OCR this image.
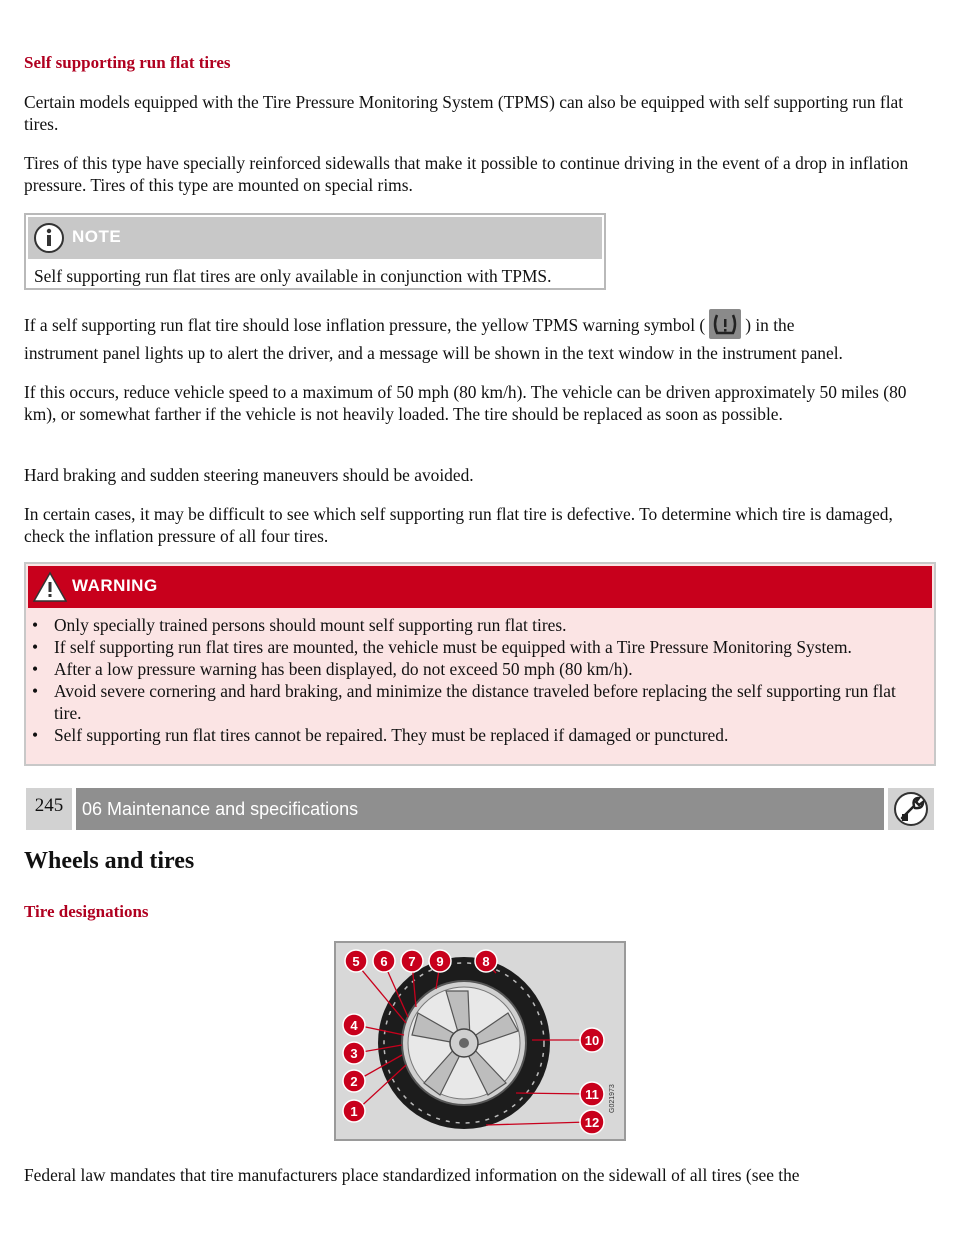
Self supporting run flat tires

Certain models equipped with the Tire Pressure Monitoring System (TPMS) can also be equipped with self supporting run flat tires.

Tires of this type have specially reinforced sidewalls that make it possible to continue driving in the event of a drop in inflation pressure. Tires of this type are mounted on special rims.

NOTE
Self supporting run flat tires are only available in conjunction with TPMS.

If a self supporting run flat tire should lose inflation pressure, the yellow TPMS warning symbol ( ) in the

instrument panel lights up to alert the driver, and a message will be shown in the text window in the instrument panel.

If this occurs, reduce vehicle speed to a maximum of 50 mph (80 km/h). The vehicle can be driven approximately 50 miles (80 km), or somewhat farther if the vehicle is not heavily loaded. The tire should be replaced as soon as possible.

Hard braking and sudden steering maneuvers should be avoided.

In certain cases, it may be difficult to see which self supporting run flat tire is defective. To determine which tire is damaged, check the inflation pressure of all four tires.

WARNING
• Only specially trained persons should mount self supporting run flat tires.
• If self supporting run flat tires are mounted, the vehicle must be equipped with a Tire Pressure Monitoring System.
• After a low pressure warning has been displayed, do not exceed 50 mph (80 km/h).
• Avoid severe cornering and hard braking, and minimize the distance traveled before replacing the self supporting run flat tire.
• Self supporting run flat tires cannot be repaired. They must be replaced if damaged or punctured.
245	06 Maintenance and specifications
Wheels and tires
Tire designations
5 6 7 9	8
4
3
2
1
10
11
12
G021973

Federal law mandates that tire manufacturers place standardized information on the sidewall of all tires (see the
